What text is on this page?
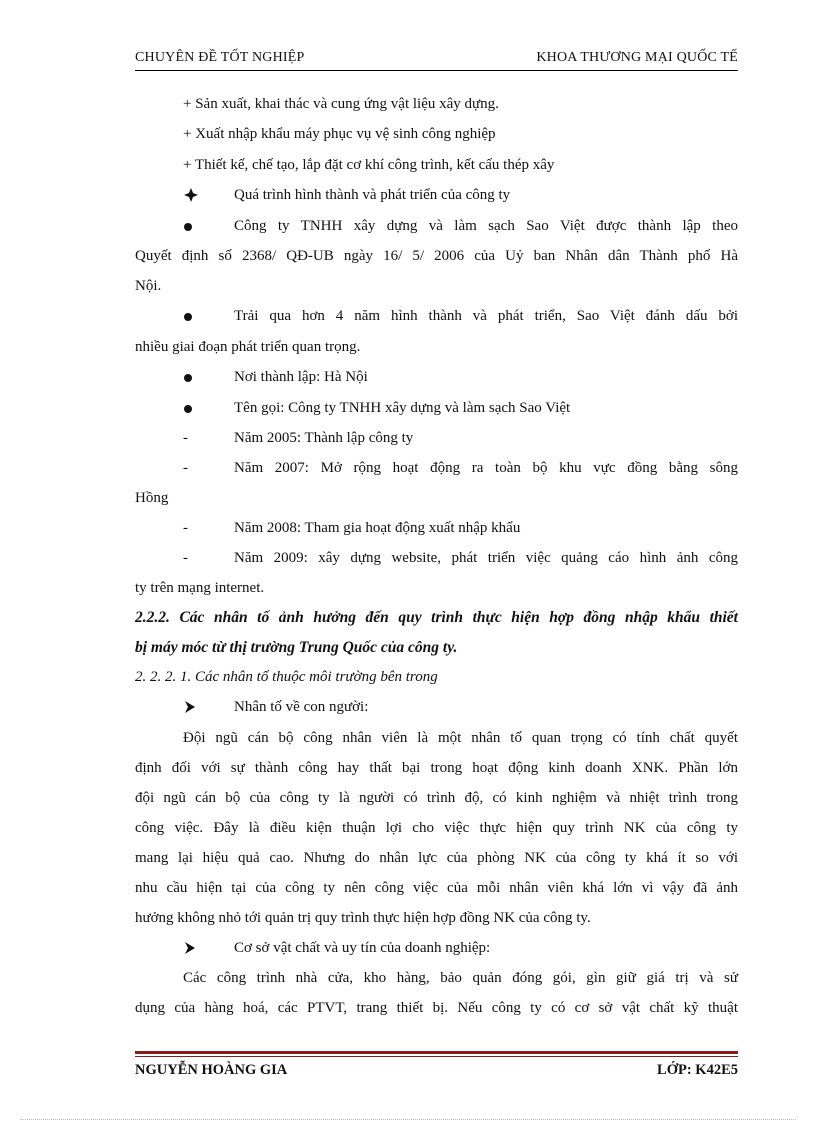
CHUYÊN ĐỀ TỐT NGHIỆP	KHOA THƯƠNG MẠI QUỐC TẾ
+ Sản xuất, khai thác và cung ứng vật liệu xây dựng.
+ Xuất nhập khẩu máy phục vụ vệ sinh công nghiệp
+ Thiết kế, chế tạo, lắp đặt cơ khí công trình, kết cấu thép xây
Quá trình hình thành và phát triển của công ty
Công ty TNHH xây dựng và làm sạch Sao Việt được thành lập theo
Quyết định số 2368/ QĐ-UB ngày 16/ 5/ 2006 của Uỷ ban Nhân dân Thành phố Hà
Nội.
Trải qua hơn 4 năm hình thành và phát triển, Sao Việt đánh dấu bởi
nhiều giai đoạn phát triển quan trọng.
Nơi thành lập: Hà Nội
Tên gọi: Công ty TNHH xây dựng và làm sạch Sao Việt
-	Năm 2005: Thành lập công ty
-	Năm 2007: Mở rộng hoạt động ra toàn bộ khu vực đồng bằng sông
Hồng
-	Năm 2008: Tham gia hoạt động xuất nhập khẩu
-	Năm 2009: xây dựng website, phát triển việc quảng cáo hình ảnh công
ty trên mạng internet.
2.2.2. Các nhân tố ảnh hưởng đến quy trình thực hiện hợp đồng nhập khẩu thiết
bị máy móc từ thị trường Trung Quốc của công ty.
2. 2. 2. 1. Các nhân tố thuộc môi trường bên trong
Nhân tố về con người:
Đội ngũ cán bộ công nhân viên là một nhân tố quan trọng có tính chất quyết
định đối với sự thành công hay thất bại trong hoạt động kinh doanh XNK. Phần lớn
đội ngũ cán bộ của công ty là người có trình độ, có kinh nghiệm và nhiệt trình trong
công việc. Đây là điều kiện thuận lợi cho việc thực hiện quy trình NK của công ty
mang lại hiệu quả cao. Nhưng do nhân lực của phòng NK của công ty khá ít so với
nhu cầu hiện tại của công ty nên công việc của mỗi nhân viên khá lớn vì vậy đã ảnh
hưởng không nhỏ tới quản trị quy trình thực hiện hợp đồng NK của công ty.
Cơ sở vật chất và uy tín của doanh nghiệp:
Các công trình nhà cửa, kho hàng, bảo quản đóng gói, gìn giữ giá trị và sử
dụng của hàng hoá, các PTVT, trang thiết bị. Nếu công ty có cơ sở vật chất kỹ thuật
NGUYỄN HOÀNG GIA	LỚP: K42E5
